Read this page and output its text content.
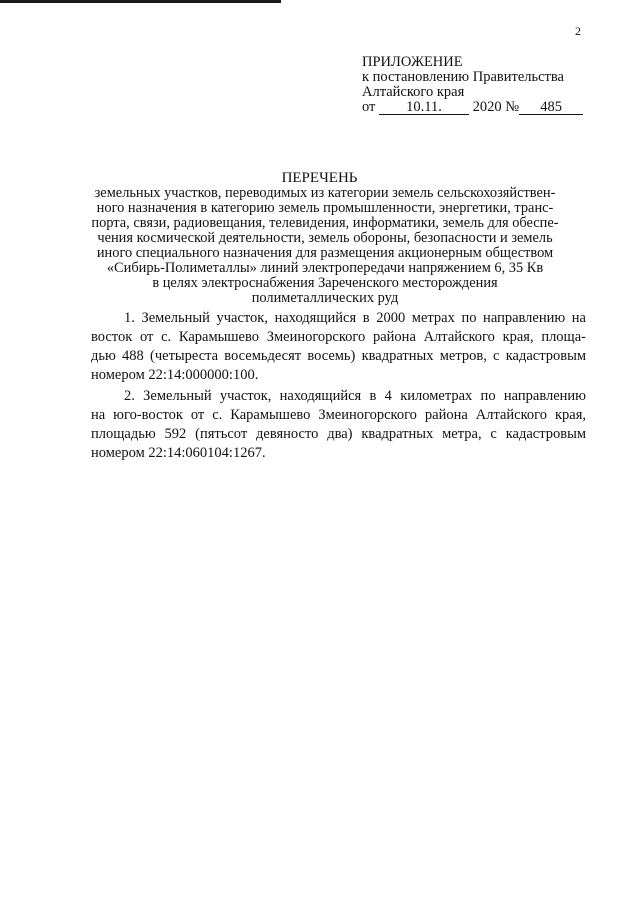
2
ПРИЛОЖЕНИЕ
к постановлению Правительства
Алтайского края
от 10.11. 2020 № 485
ПЕРЕЧЕНЬ
земельных участков, переводимых из категории земель сельскохозяйствен-
ного назначения в категорию земель промышленности, энергетики, транс-
порта, связи, радиовещания, телевидения, информатики, земель для обеспе-
чения космической деятельности, земель обороны, безопасности и земель
иного специального назначения для размещения акционерным обществом
«Сибирь-Полиметаллы» линий электропередачи напряжением 6, 35 Кв
в целях электроснабжения Зареченского месторождения
полиметаллических руд
1. Земельный участок, находящийся в 2000 метрах по направлению на
восток от с. Карамышево Змеиногорского района Алтайского края, площа-
дью 488 (четыреста восемьдесят восемь) квадратных метров, с кадастровым
номером 22:14:000000:100.
2. Земельный участок, находящийся в 4 километрах по направлению
на юго-восток от с. Карамышево Змеиногорского района Алтайского края,
площадью 592 (пятьсот девяносто два) квадратных метра, с кадастровым
номером 22:14:060104:1267.
